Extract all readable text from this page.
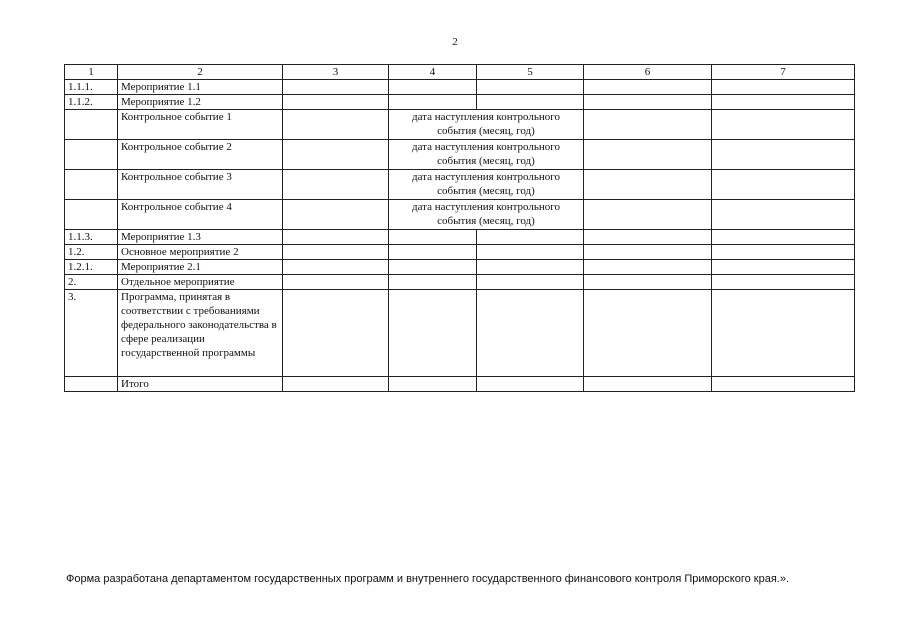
2
1	2	3	4	5	6	7
1.1.1.	Мероприятие 1.1					
1.1.2.	Мероприятие 1.2					
	Контрольное событие 1		дата наступления контрольного события (месяц, год)			
	Контрольное событие 2		дата наступления контрольного события (месяц, год)			
	Контрольное событие 3		дата наступления контрольного события (месяц, год)			
	Контрольное событие 4		дата наступления контрольного события (месяц, год)			
1.1.3.	Мероприятие 1.3					
1.2.	Основное мероприятие 2					
1.2.1.	Мероприятие 2.1					
2.	Отдельное мероприятие					
3.	Программа, принятая в соответствии с требованиями федерального законодательства в сфере реализации государственной программы					
	Итого					
Форма разработана департаментом государственных программ и внутреннего государственного финансового контроля Приморского края.».
